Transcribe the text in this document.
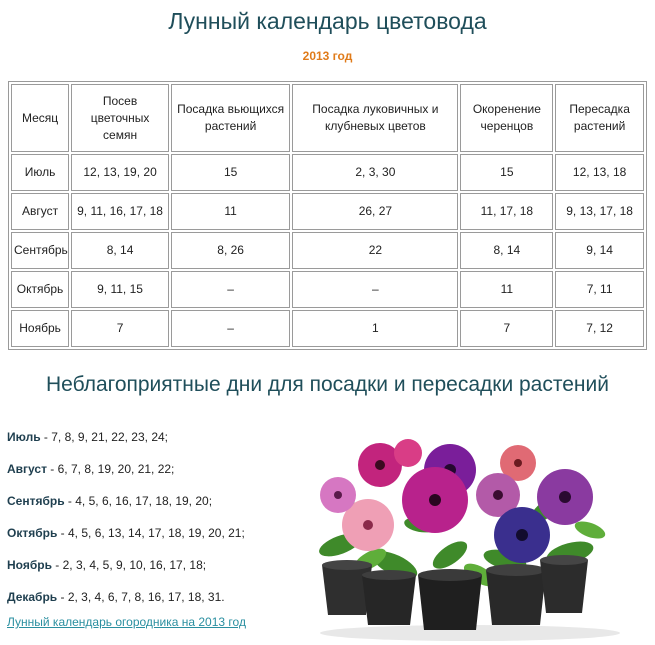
Лунный календарь цветовода
2013 год
Месяц	Посев цветочных семян	Посадка вьющихся растений	Посадка луковичных и клубневых цветов	Окоренение черенцов	Пересадка растений
Июль	12, 13, 19, 20	15	2, 3, 30	15	12, 13, 18
Август	9, 11, 16, 17, 18	11	26, 27	11, 17, 18	9, 13, 17, 18
Сентябрь	8, 14	8, 26	22	8, 14	9, 14
Октябрь	9, 11, 15	–	–	11	7, 11
Ноябрь	7	–	1	7	7, 12
Неблагоприятные дни для посадки и пересадки растений
Июль - 7, 8, 9, 21, 22, 23, 24;
Август - 6, 7, 8, 19, 20, 21, 22;
Сентябрь - 4, 5, 6, 16, 17, 18, 19, 20;
Октябрь - 4, 5, 6, 13, 14, 17, 18, 19, 20, 21;
Ноябрь - 2, 3, 4, 5, 9, 10, 16, 17, 18;
Декабрь - 2, 3, 4, 6, 7, 8, 16, 17, 18, 31.
Лунный календарь огородника на 2013 год
